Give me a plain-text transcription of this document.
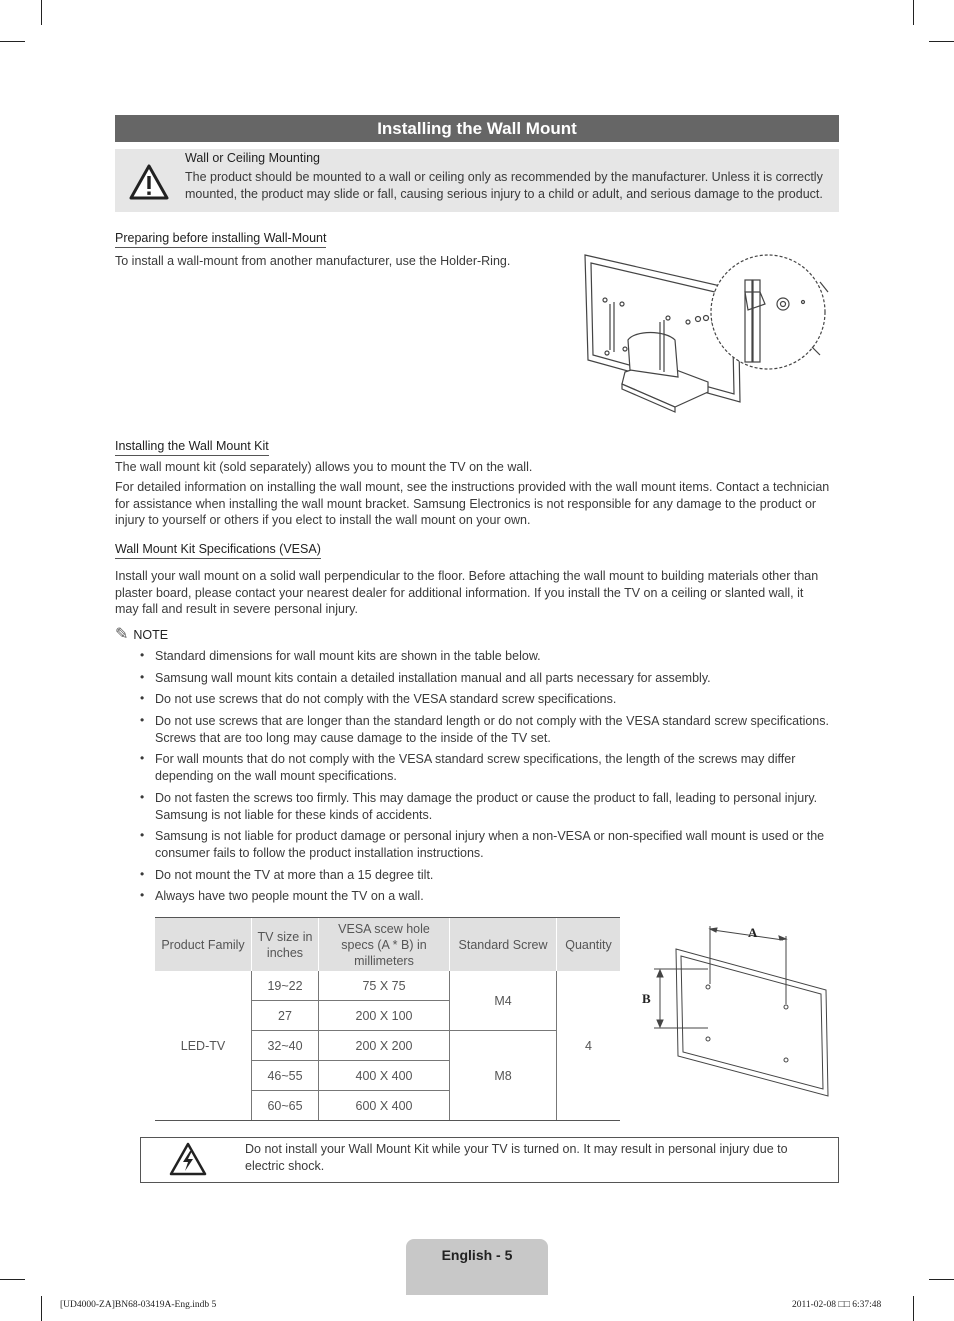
Installing the Wall Mount
Wall or Ceiling Mounting
The product should be mounted to a wall or ceiling only as recommended by the manufacturer. Unless it is correctly mounted, the product may slide or fall, causing serious injury to a child or adult, and serious damage to the product.
Preparing before installing Wall-Mount
To install a wall-mount from another manufacturer, use the Holder-Ring.
Installing the Wall Mount Kit
The wall mount kit (sold separately) allows you to mount the TV on the wall.
For detailed information on installing the wall mount, see the instructions provided with the wall mount items. Contact a technician for assistance when installing the wall mount bracket. Samsung Electronics is not responsible for any damage to the product or injury to yourself or others if you elect to install the wall mount on your own.
Wall Mount Kit Specifications (VESA)
Install your wall mount on a solid wall perpendicular to the floor. Before attaching the wall mount to building materials other than plaster board, please contact your nearest dealer for additional information. If you install the TV on a ceiling or slanted wall, it may fall and result in severe personal injury.
✎ NOTE
• Standard dimensions for wall mount kits are shown in the table below.
• Samsung wall mount kits contain a detailed installation manual and all parts necessary for assembly.
• Do not use screws that do not comply with the VESA standard screw specifications.
• Do not use screws that are longer than the standard length or do not comply with the VESA standard screw specifications. Screws that are too long may cause damage to the inside of the TV set.
• For wall mounts that do not comply with the VESA standard screw specifications, the length of the screws may differ depending on the wall mount specifications.
• Do not fasten the screws too firmly. This may damage the product or cause the product to fall, leading to personal injury. Samsung is not liable for these kinds of accidents.
• Samsung is not liable for product damage or personal injury when a non-VESA or non-specified wall mount is used or the consumer fails to follow the product installation instructions.
• Do not mount the TV at more than a 15 degree tilt.
• Always have two people mount the TV on a wall.
Product Family	TV size in inches	VESA scew hole specs (A * B) in millimeters	Standard Screw	Quantity
LED-TV	19~22	75 X 75	M4	4
	27	200 X 100		
	32~40	200 X 200	M8	
	46~55	400 X 400		
	60~65	600 X 400		
A
B
Do not install your Wall Mount Kit while your TV is turned on. It may result in personal injury due to electric shock.
English - 5
[UD4000-ZA]BN68-03419A-Eng.indb 5	2011-02-08 □□ 6:37:48
